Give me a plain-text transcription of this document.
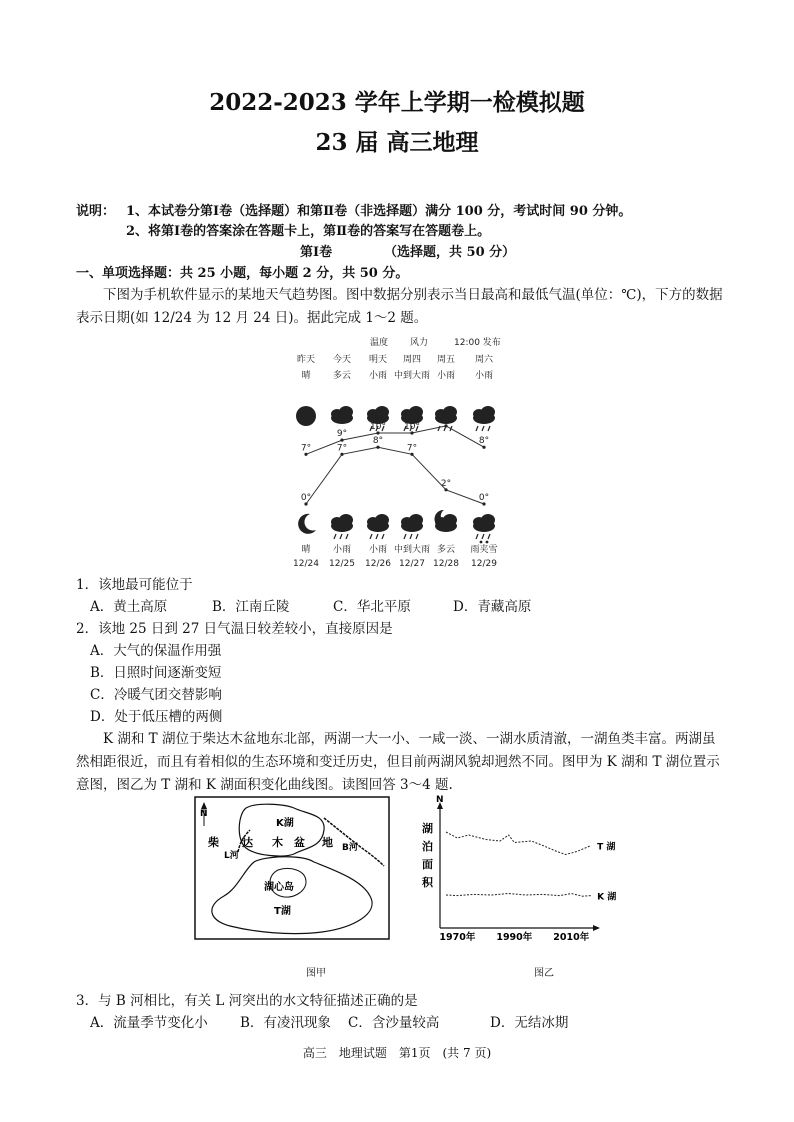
2022-2023 学年上学期一检模拟题
23 届 高三地理
说明： 1、本试卷分第Ⅰ卷（选择题）和第Ⅱ卷（非选择题）满分 100 分，考试时间 90 分钟。
2、将第Ⅰ卷的答案涂在答题卡上，第Ⅱ卷的答案写在答题卷上。
第Ⅰ卷	（选择题，共 50 分）
一、单项选择题：共 25 小题，每小题 2 分，共 50 分。
下图为手机软件显示的某地天气趋势图。图中数据分别表示当日最高和最低气温(单位：℃)，下方的数据表示日期(如 12/24 为 12 月 24 日)。据此完成 1～2 题。
温度 风力	12:00 发布
昨天
晴
今天
多云
明天
小雨
周四
中到大雨
周五
小雨
周六
小雨
7°
9°
10° 10°
11°
8°
0°
7°
8°
7°
2°
0°
晴
12/24
小雨
12/25
小雨
12/26
中到大雨
12/27
多云
12/28
雨夹雪
12/29
1．该地最可能位于
A．黄土高原	B．江南丘陵	C．华北平原	D．青藏高原
2．该地 25 日到 27 日气温日较差较小，直接原因是
A．大气的保温作用强
B．日照时间逐渐变短
C．冷暖气团交替影响
D．处于低压槽的两侧
K 湖和 T 湖位于柴达木盆地东北部，两湖一大一小、一咸一淡、一湖水质清澈，一湖鱼类丰富。两湖虽然相距很近，而且有着相似的生态环境和变迁历史，但目前两湖风貌却迥然不同。图甲为 K 湖和 T 湖位置示意图，图乙为 T 湖和 K 湖面积变化曲线图。读图回答 3～4 题.
N
K湖
柴 达 木 盆 地
L河
B河
湖心岛
T湖
图甲
N
湖
泊
面
积
1970年 1990年 2010年
T 湖
K 湖
图乙
3．与 B 河相比，有关 L 河突出的水文特征描述正确的是
A．流量季节变化小 B．有凌汛现象 C．含沙量较高	D．无结冰期
高三　地理试题　第1页　(共 7 页)
